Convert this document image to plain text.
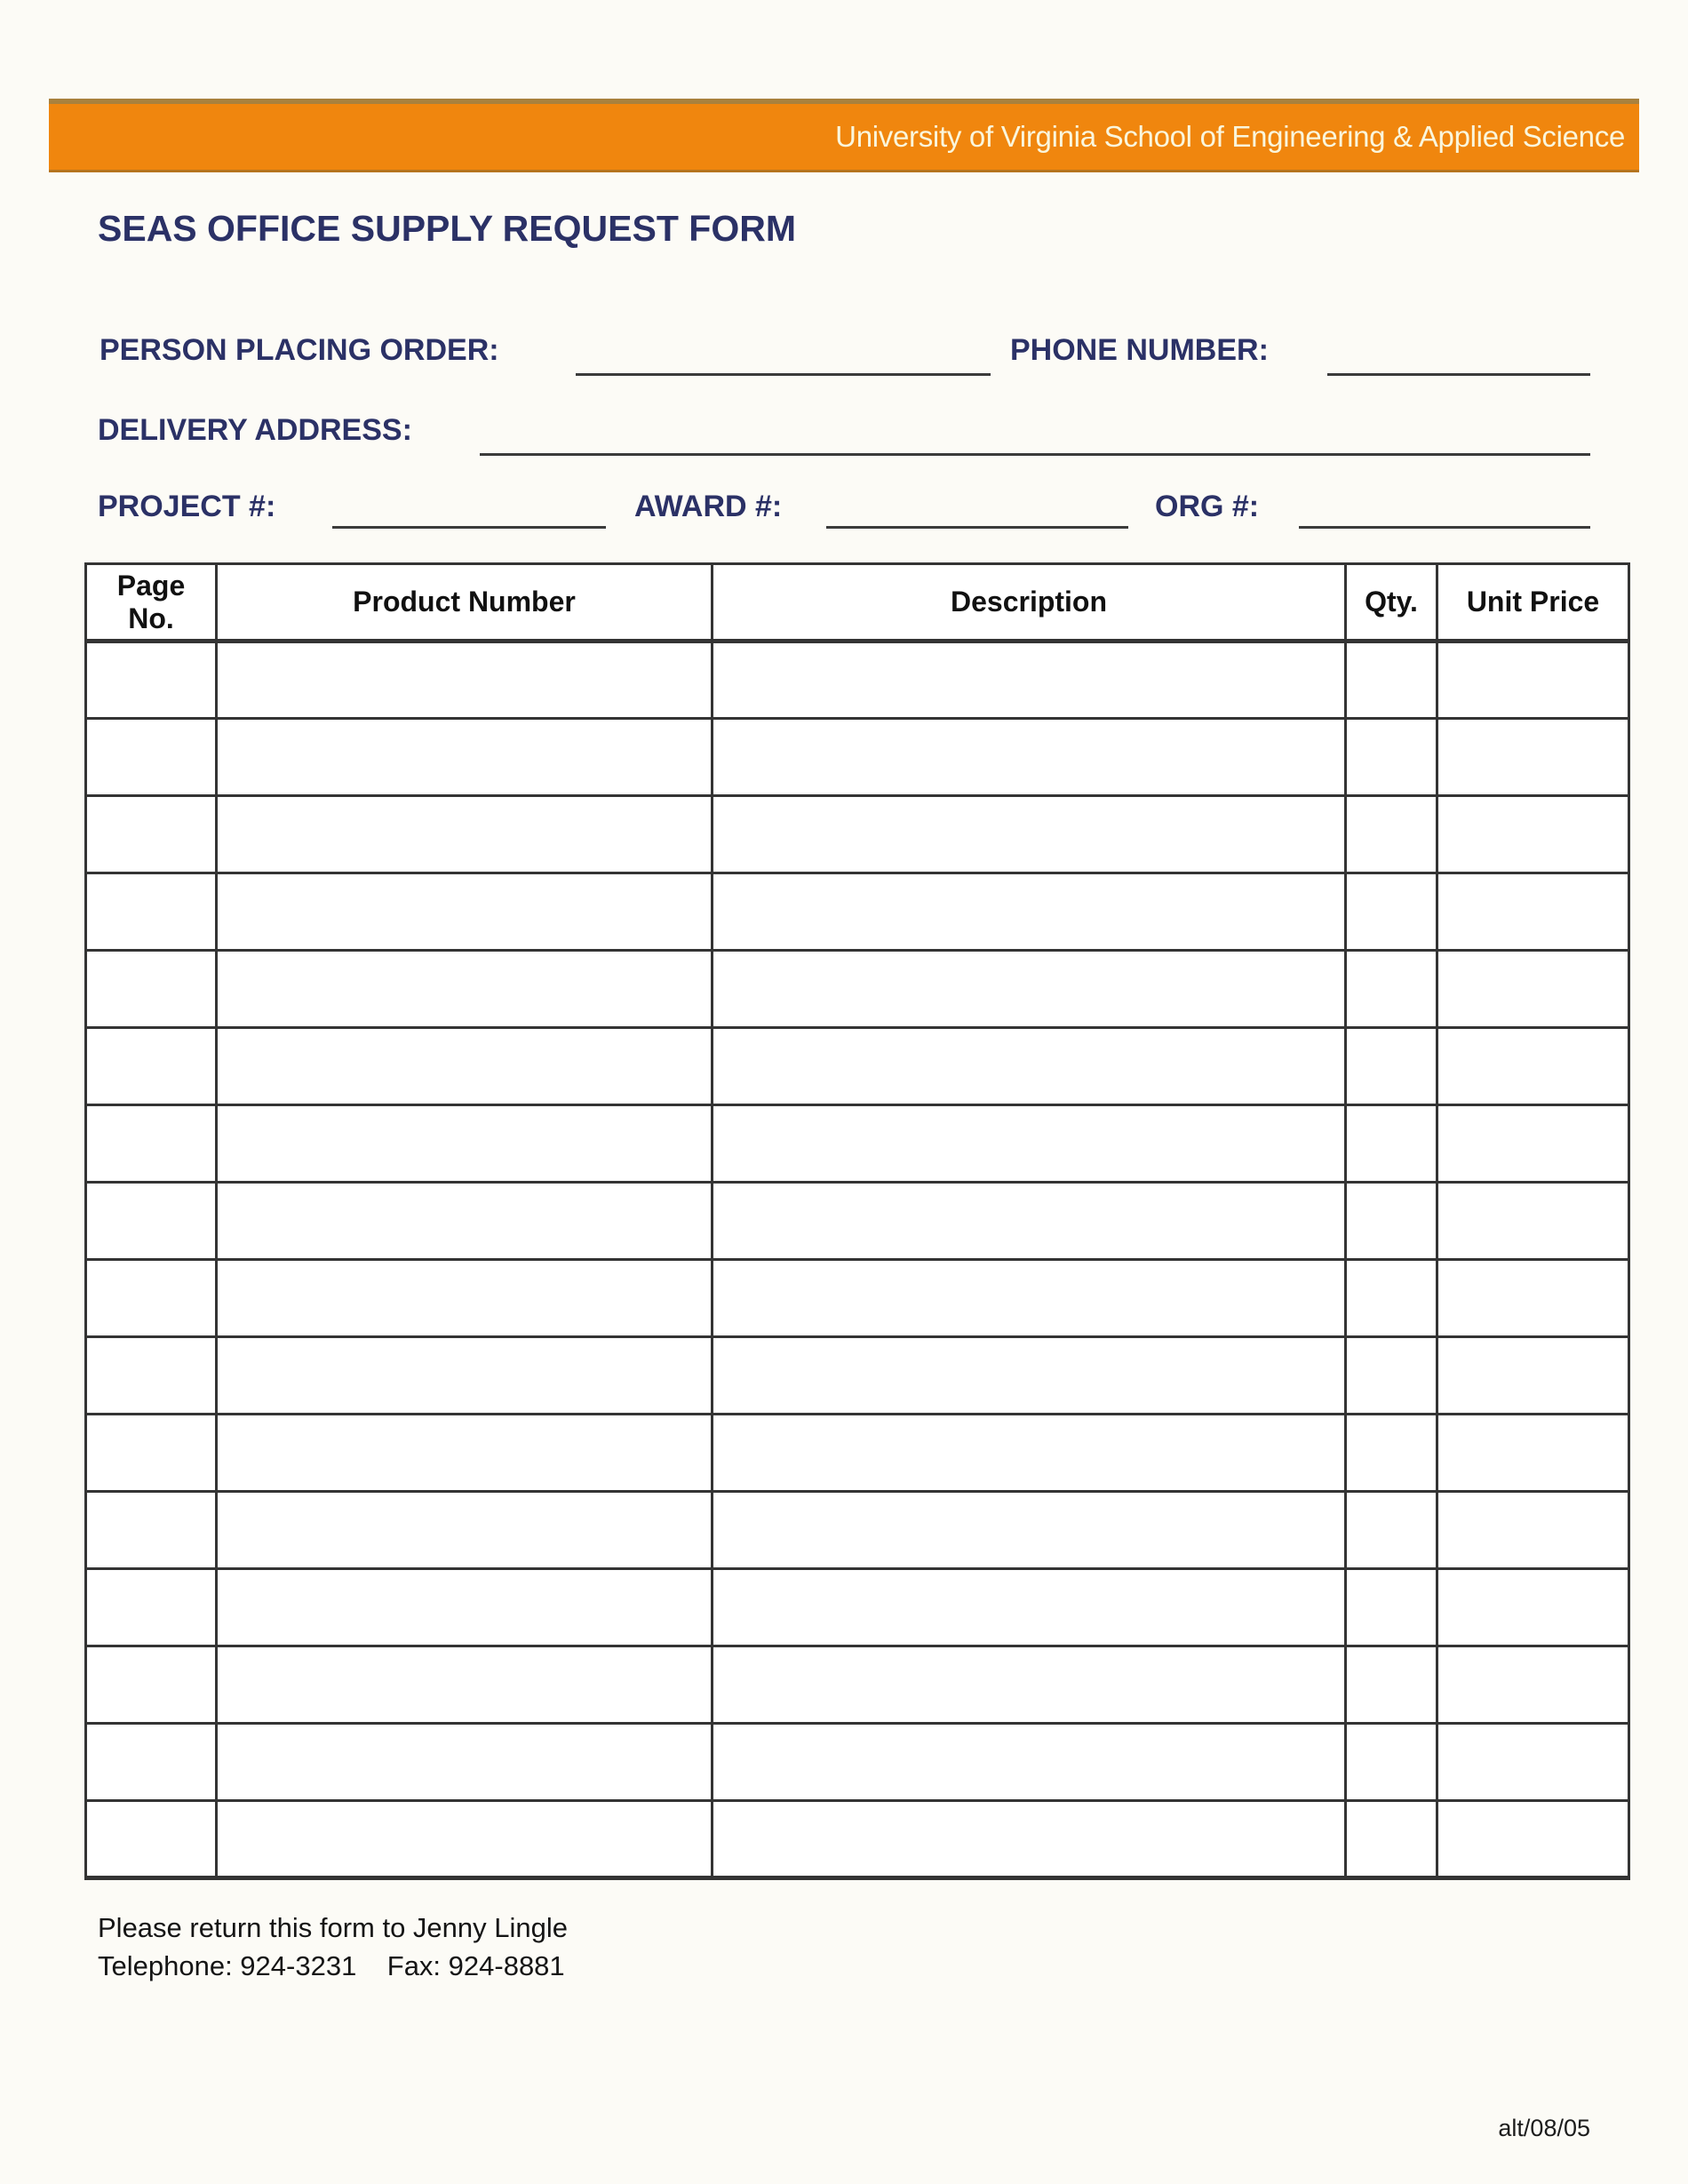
University of Virginia School of Engineering & Applied Science
SEAS OFFICE SUPPLY REQUEST FORM
PERSON PLACING ORDER:	PHONE NUMBER:
DELIVERY ADDRESS:
PROJECT #:	AWARD #:	ORG #:
Page No.	Product Number	Description	Qty.	Unit Price

Please return this form to Jenny Lingle
Telephone: 924-3231    Fax: 924-8881
alt/08/05
